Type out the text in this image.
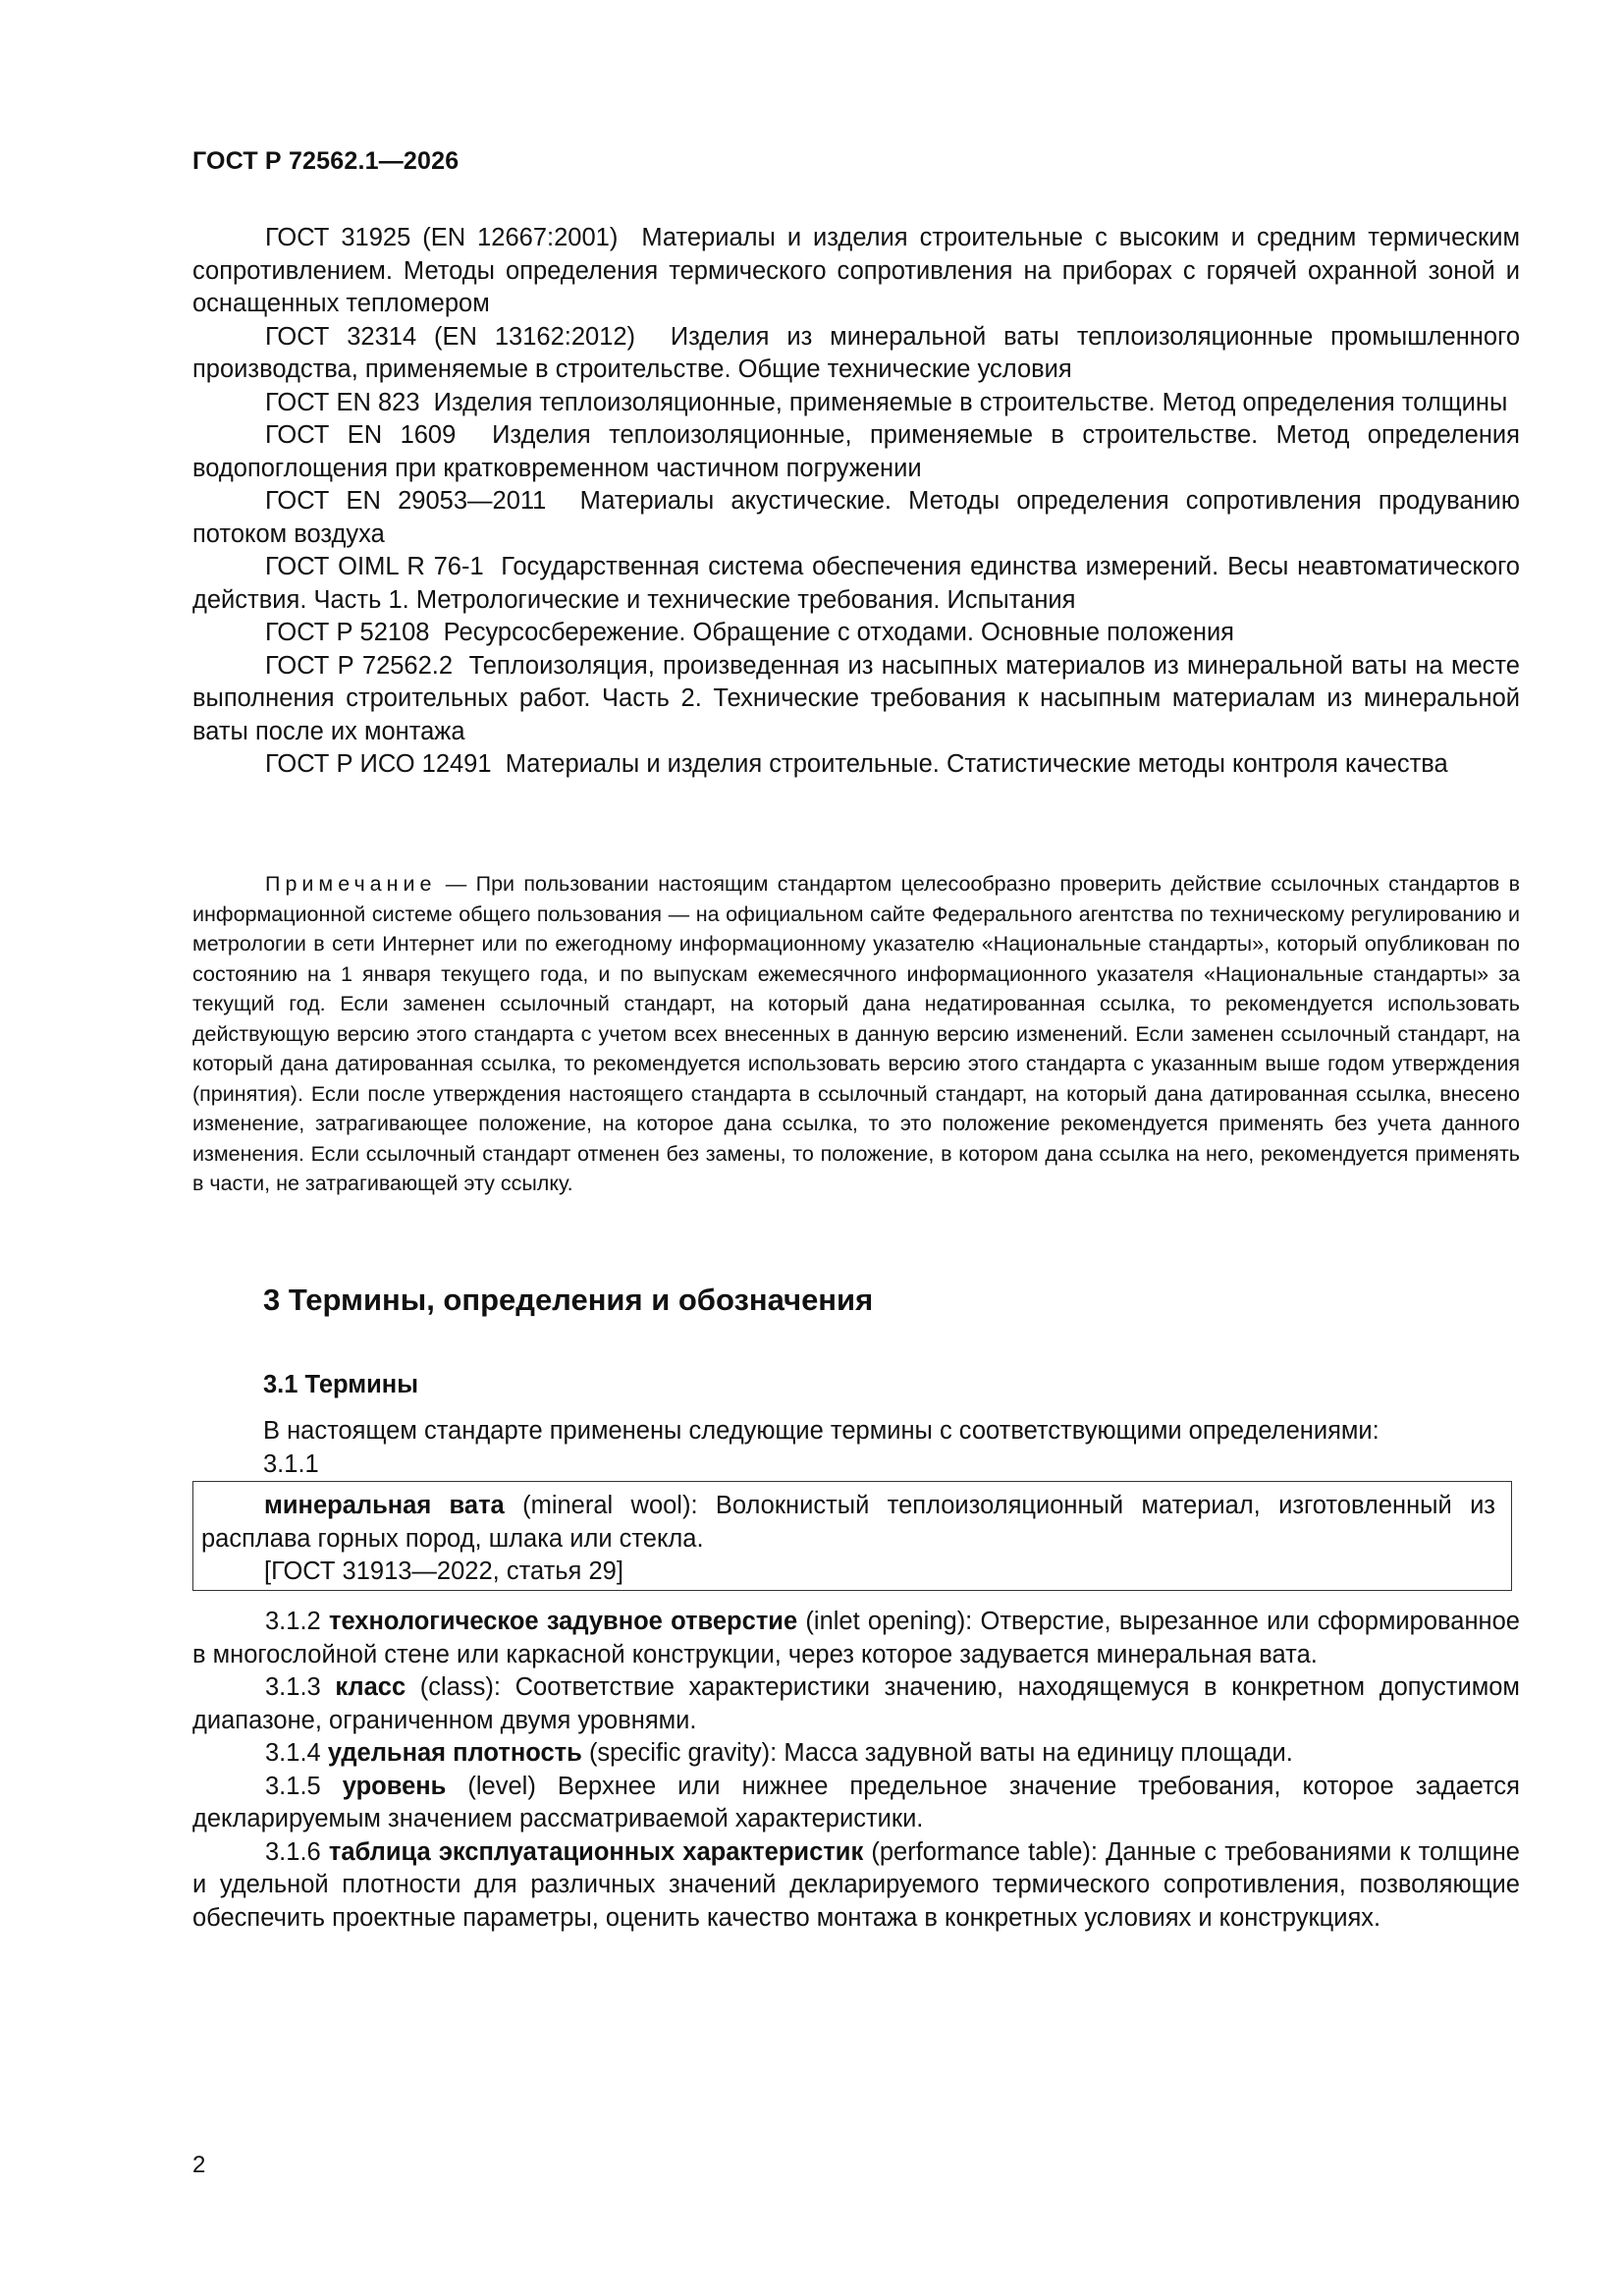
ГОСТ Р 72562.1—2026

ГОСТ 31925 (EN 12667:2001) Материалы и изделия строительные с высоким и средним термическим сопротивлением. Методы определения термического сопротивления на приборах с горячей охранной зоной и оснащенных тепломером

ГОСТ 32314 (EN 13162:2012) Изделия из минеральной ваты теплоизоляционные промышленного производства, применяемые в строительстве. Общие технические условия

ГОСТ EN 823 Изделия теплоизоляционные, применяемые в строительстве. Метод определения толщины

ГОСТ EN 1609 Изделия теплоизоляционные, применяемые в строительстве. Метод определения водопоглощения при кратковременном частичном погружении

ГОСТ EN 29053—2011 Материалы акустические. Методы определения сопротивления продуванию потоком воздуха

ГОСТ OIML R 76-1 Государственная система обеспечения единства измерений. Весы неавтоматического действия. Часть 1. Метрологические и технические требования. Испытания

ГОСТ Р 52108 Ресурсосбережение. Обращение с отходами. Основные положения

ГОСТ Р 72562.2 Теплоизоляция, произведенная из насыпных материалов из минеральной ваты на месте выполнения строительных работ. Часть 2. Технические требования к насыпным материалам из минеральной ваты после их монтажа

ГОСТ Р ИСО 12491 Материалы и изделия строительные. Статистические методы контроля качества

Примечание — При пользовании настоящим стандартом целесообразно проверить действие ссылочных стандартов в информационной системе общего пользования — на официальном сайте Федерального агентства по техническому регулированию и метрологии в сети Интернет или по ежегодному информационному указателю «Национальные стандарты», который опубликован по состоянию на 1 января текущего года, и по выпускам ежемесячного информационного указателя «Национальные стандарты» за текущий год. Если заменен ссылочный стандарт, на который дана недатированная ссылка, то рекомендуется использовать действующую версию этого стандарта с учетом всех внесенных в данную версию изменений. Если заменен ссылочный стандарт, на который дана датированная ссылка, то рекомендуется использовать версию этого стандарта с указанным выше годом утверждения (принятия). Если после утверждения настоящего стандарта в ссылочный стандарт, на который дана датированная ссылка, внесено изменение, затрагивающее положение, на которое дана ссылка, то это положение рекомендуется применять без учета данного изменения. Если ссылочный стандарт отменен без замены, то положение, в котором дана ссылка на него, рекомендуется применять в части, не затрагивающей эту ссылку.
3 Термины, определения и обозначения
3.1 Термины

В настоящем стандарте применены следующие термины с соответствующими определениями:

3.1.1

минеральная вата (mineral wool): Волокнистый теплоизоляционный материал, изготовленный из расплава горных пород, шлака или стекла.

[ГОСТ 31913—2022, статья 29]

3.1.2 технологическое задувное отверстие (inlet opening): Отверстие, вырезанное или сформированное в многослойной стене или каркасной конструкции, через которое задувается минеральная вата.

3.1.3 класс (class): Соответствие характеристики значению, находящемуся в конкретном допустимом диапазоне, ограниченном двумя уровнями.

3.1.4 удельная плотность (specific gravity): Масса задувной ваты на единицу площади.

3.1.5 уровень (level) Верхнее или нижнее предельное значение требования, которое задается декларируемым значением рассматриваемой характеристики.

3.1.6 таблица эксплуатационных характеристик (performance table): Данные с требованиями к толщине и удельной плотности для различных значений декларируемого термического сопротивления, позволяющие обеспечить проектные параметры, оценить качество монтажа в конкретных условиях и конструкциях.

2
